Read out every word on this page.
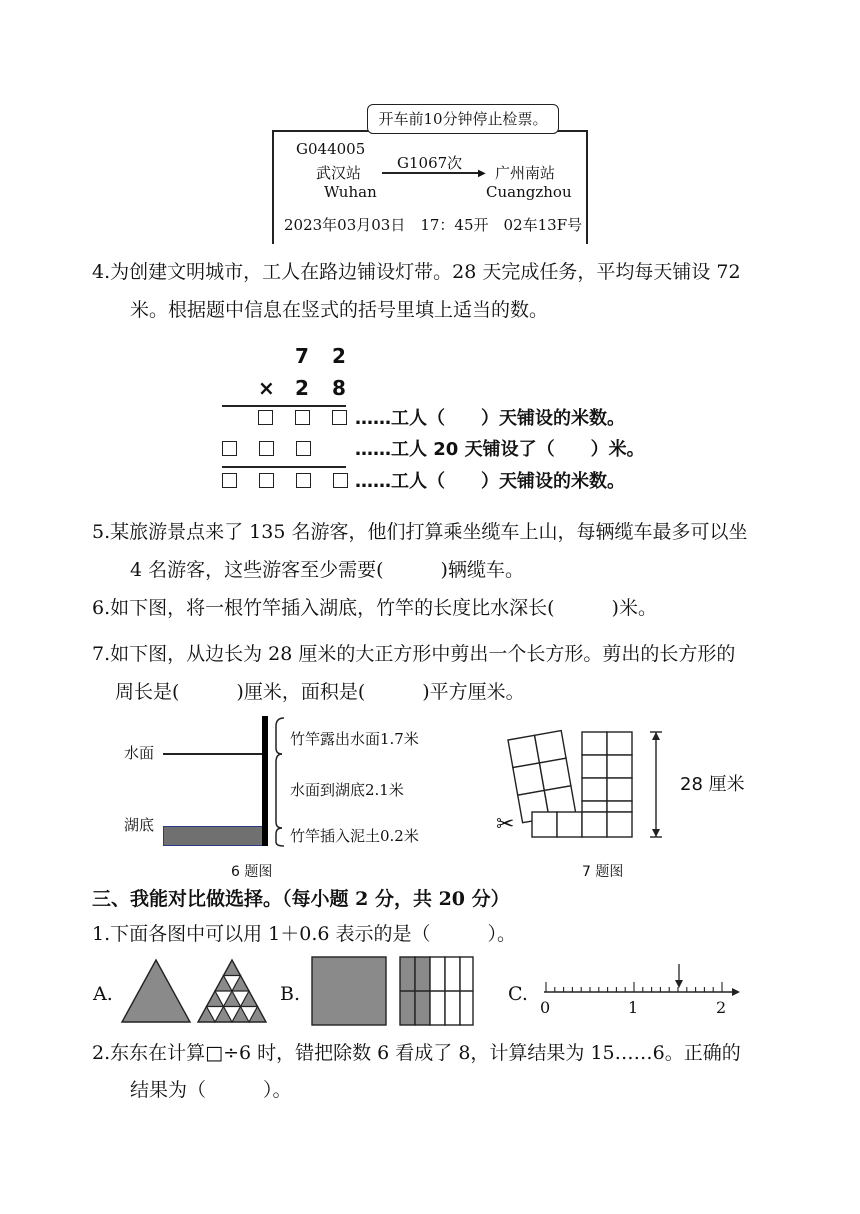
开车前10分钟停止检票。
G044005
G1067次
▶
武汉站	广州南站
Wuhan	Cuangzhou
2023年03月03日　17：45开　02车13F号
4.为创建文明城市，工人在路边铺设灯带。28 天完成任务，平均每天铺设 72
米。根据题中信息在竖式的括号里填上适当的数。
7 2
× 2 8
……工人（　　）天铺设的米数。
……工人 20 天铺设了（　　）米。
……工人（　　）天铺设的米数。
5.某旅游景点来了 135 名游客，他们打算乘坐缆车上山，每辆缆车最多可以坐
4 名游客，这些游客至少需要(　　　)辆缆车。
6.如下图，将一根竹竿插入湖底，竹竿的长度比水深长(　　　)米。
7.如下图，从边长为 28 厘米的大正方形中剪出一个长方形。剪出的长方形的
周长是(　　　)厘米，面积是(　　　)平方厘米。
水面
湖底
竹竿露出水面1.7米
水面到湖底2.1米
竹竿插入泥土0.2米
6 题图
✂
28 厘米
7 题图
三、我能对比做选择。（每小题 2 分，共 20 分）
1.下面各图中可以用 1＋0.6 表示的是（　　　）。
A.	B.	C.
0	1	2
2.东东在计算□÷6 时，错把除数 6 看成了 8，计算结果为 15……6。正确的
结果为（　　　）。
